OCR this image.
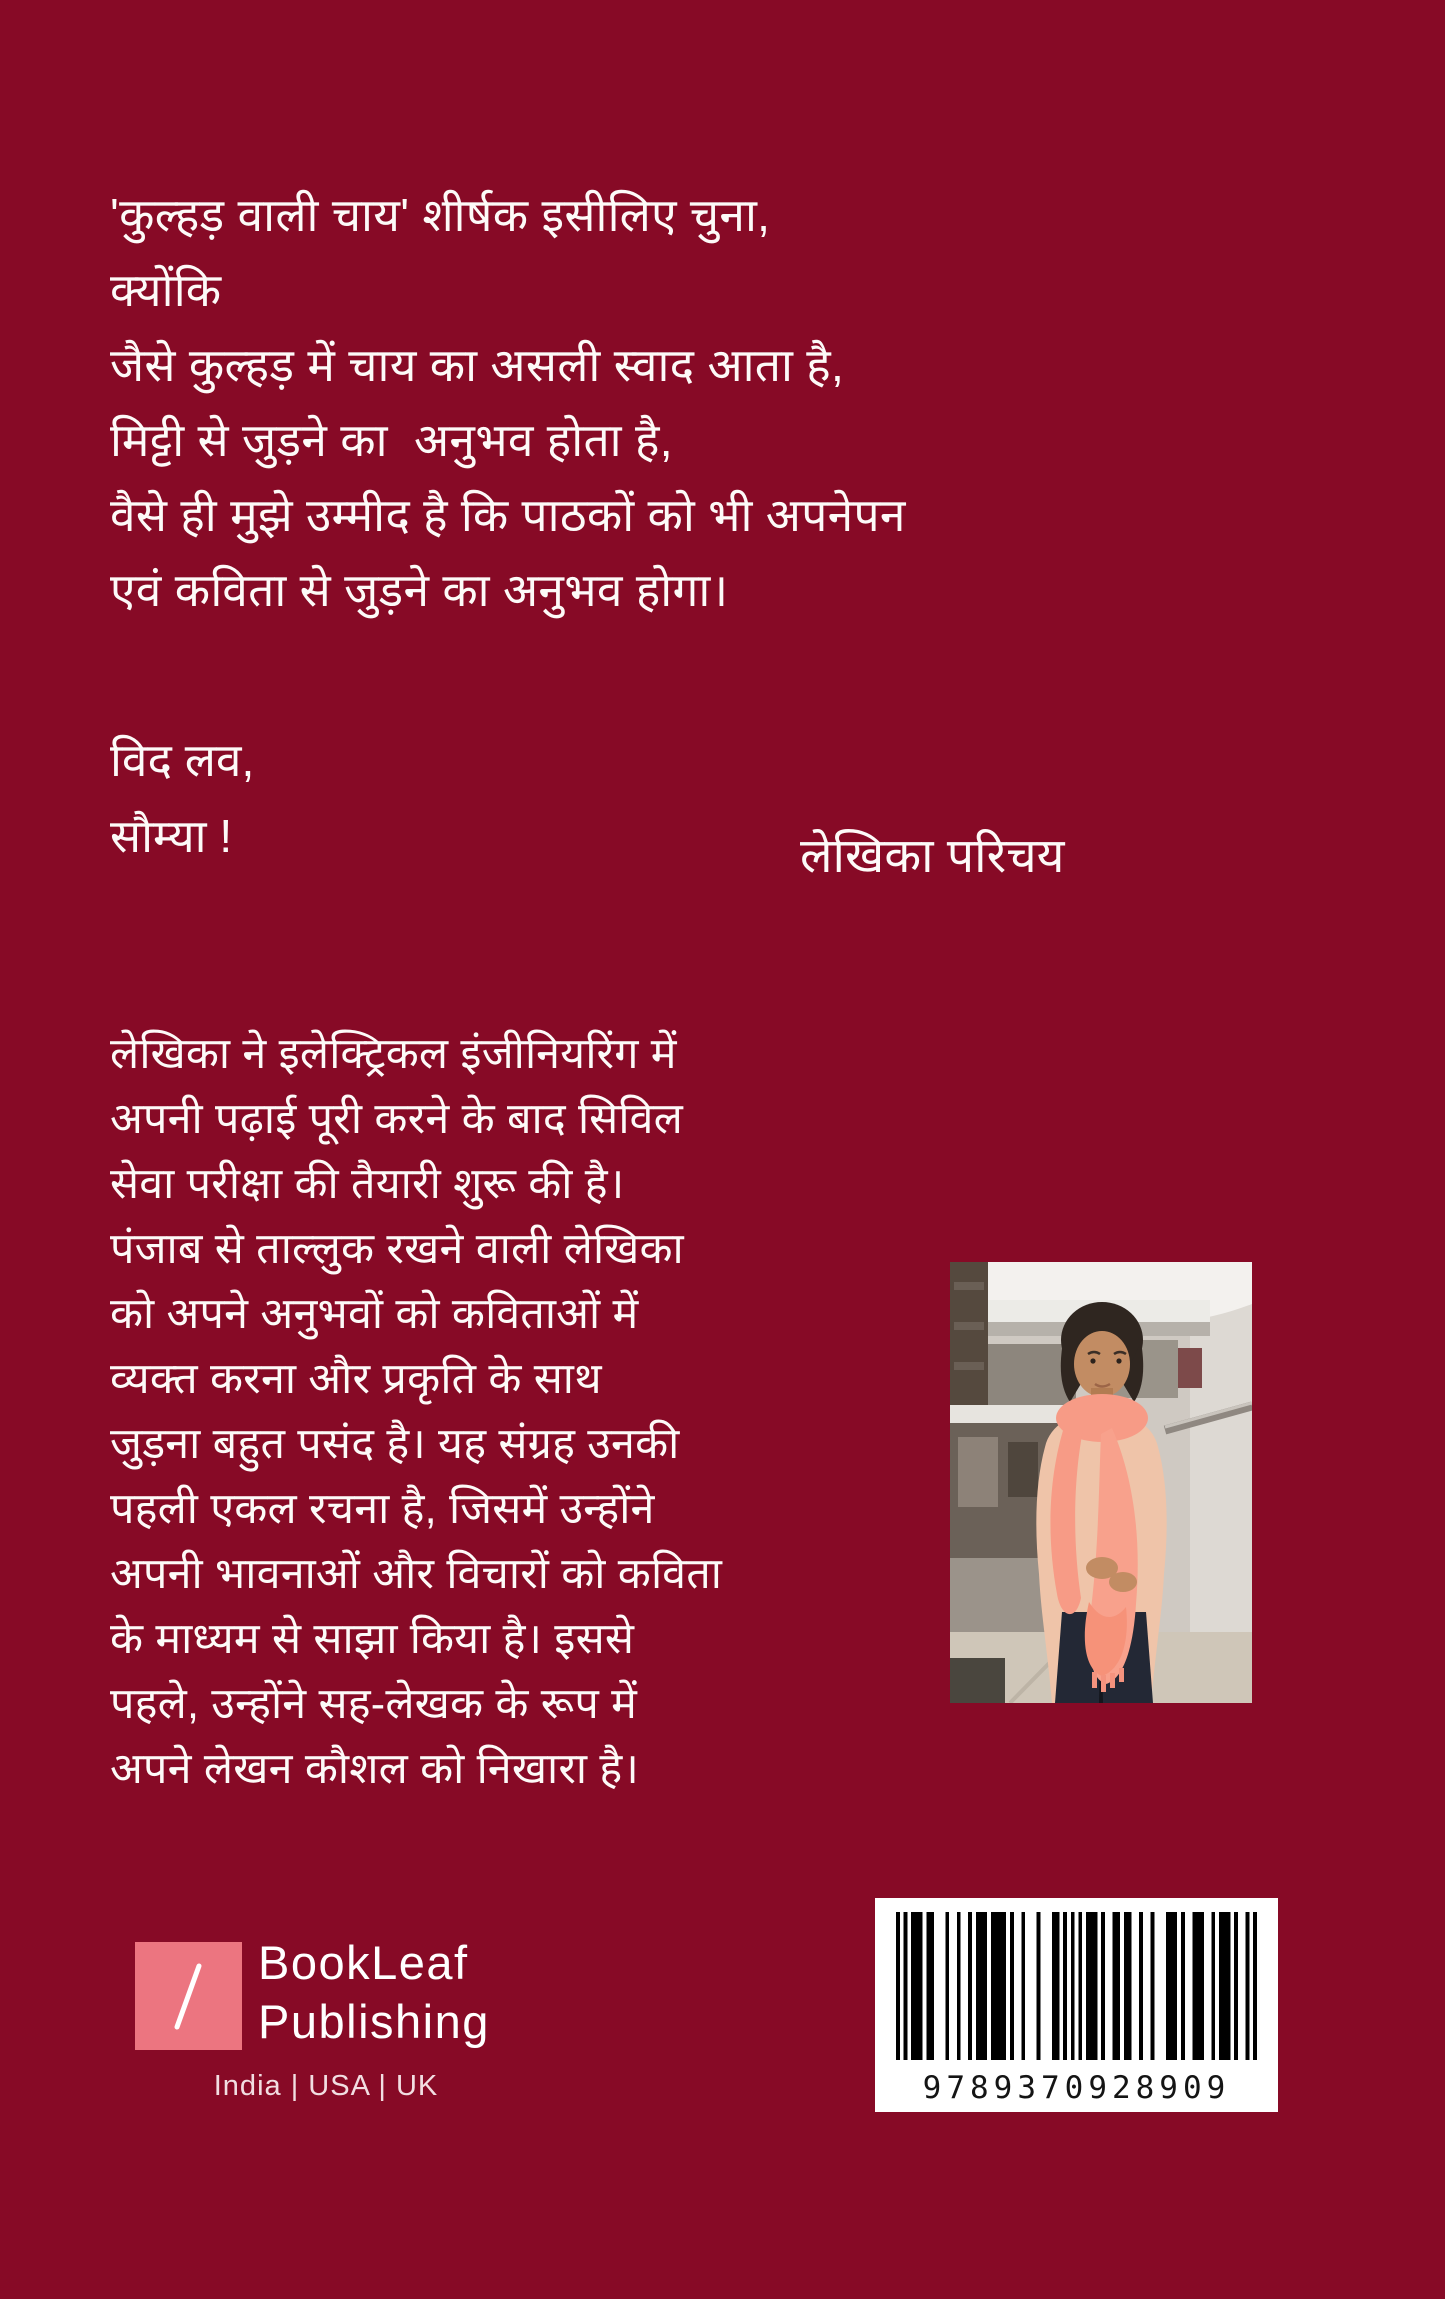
'कुल्हड़ वाली चाय' शीर्षक इसीलिए चुना,
क्योंकि
जैसे कुल्हड़ में चाय का असली स्वाद आता है,
मिट्टी से जुड़ने का  अनुभव होता है,
वैसे ही मुझे उम्मीद है कि पाठकों को भी अपनेपन
एवं कविता से जुड़ने का अनुभव होगा।
विद लव,
सौम्या !	लेखिका परिचय
लेखिका ने इलेक्ट्रिकल इंजीनियरिंग में
अपनी पढ़ाई पूरी करने के बाद सिविल
सेवा परीक्षा की तैयारी शुरू की है।
पंजाब से ताल्लुक रखने वाली लेखिका
को अपने अनुभवों को कविताओं में
व्यक्त करना और प्रकृति के साथ
जुड़ना बहुत पसंद है। यह संग्रह उनकी
पहली एकल रचना है, जिसमें उन्होंने
अपनी भावनाओं और विचारों को कविता
के माध्यम से साझा किया है। इससे
पहले, उन्होंने सह-लेखक के रूप में
अपने लेखन कौशल को निखारा है।
BookLeaf
Publishing
India | USA | UK	9789370928909
